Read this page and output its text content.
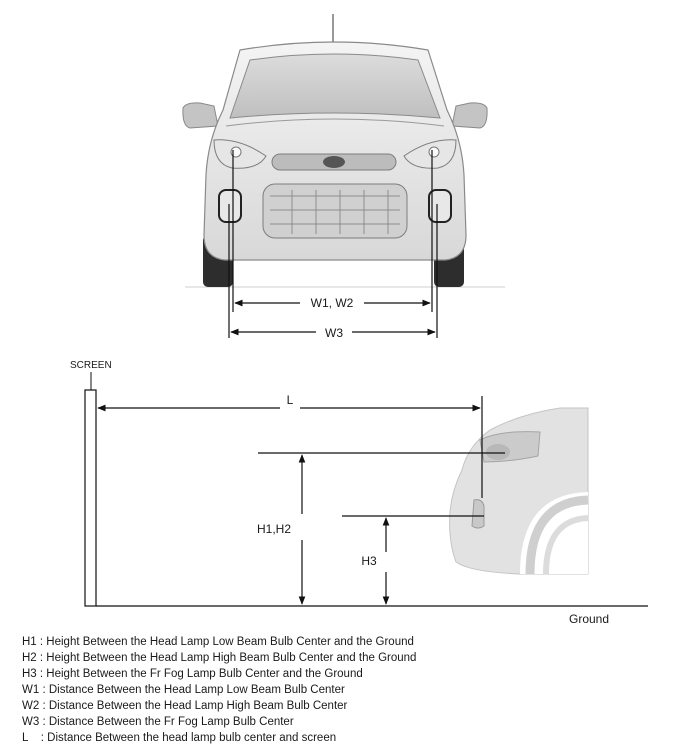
W1, W2
W3
SCREEN
Ground
L
H1,H2
H3
H1 : Height Between the Head Lamp Low Beam Bulb Center and the Ground
H2 : Height Between the Head Lamp High Beam Bulb Center and the Ground
H3 : Height Between the Fr Fog Lamp Bulb Center and the Ground
W1 : Distance Between the Head Lamp Low Beam Bulb Center
W2 : Distance Between the Head Lamp High Beam Bulb Center
W3 : Distance Between the Fr Fog Lamp Bulb Center
L    : Distance Between the head lamp bulb center and screen
